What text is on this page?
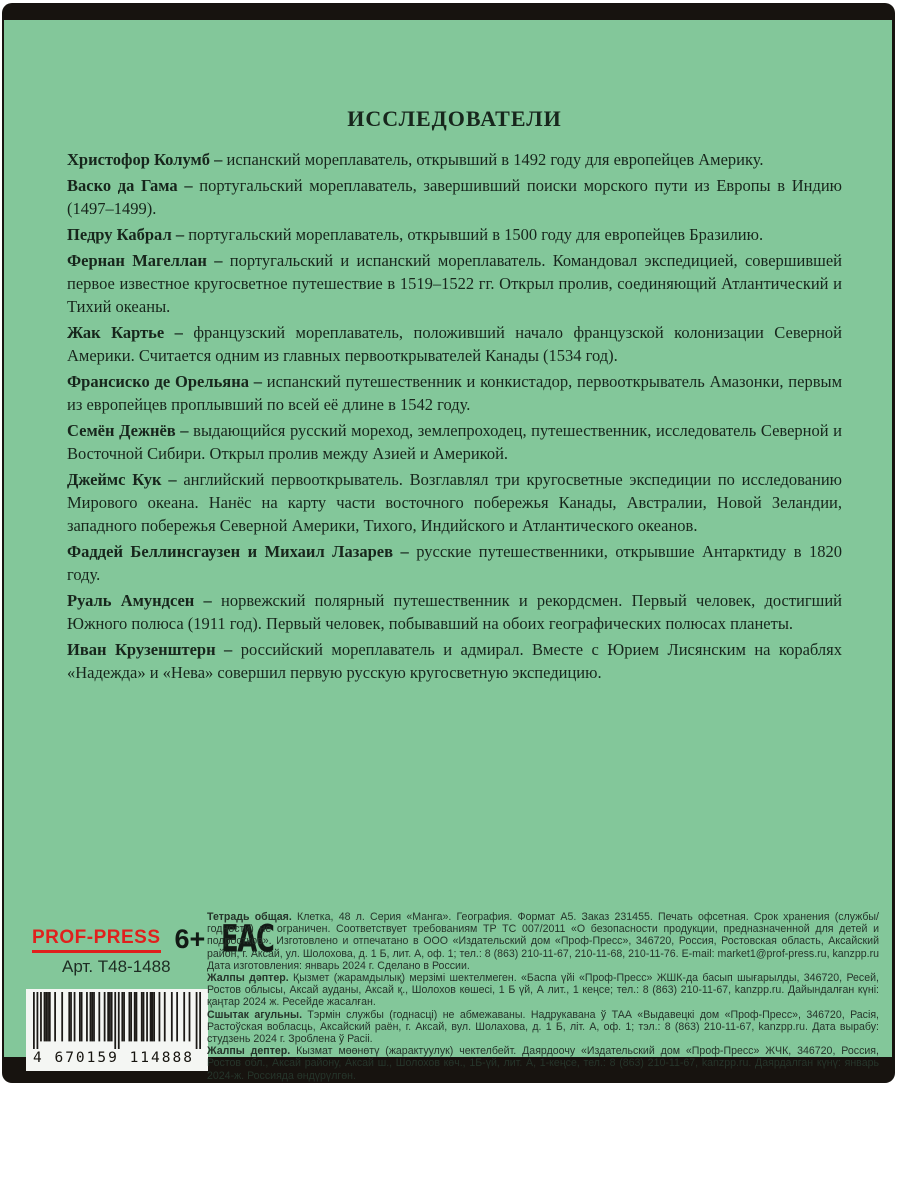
ИССЛЕДОВАТЕЛИ

Христофор Колумб – испанский мореплаватель, открывший в 1492 году для европейцев Америку.

Васко да Гама – португальский мореплаватель, завершивший поиски морского пути из Европы в Индию (1497–1499).

Педру Кабрал – португальский мореплаватель, открывший в 1500 году для европейцев Бразилию.

Фернан Магеллан – португальский и испанский мореплаватель. Командовал экспедицией, совершившей первое известное кругосветное путешествие в 1519–1522 гг. Открыл пролив, соединяющий Атлантический и Тихий океаны.

Жак Картье – французский мореплаватель, положивший начало французской колонизации Северной Америки. Считается одним из главных первооткрывателей Канады (1534 год).

Франсиско де Орельяна – испанский путешественник и конкистадор, первооткрыватель Амазонки, первым из европейцев проплывший по всей её длине в 1542 году.

Семён Дежнёв – выдающийся русский мореход, землепроходец, путешественник, исследователь Северной и Восточной Сибири. Открыл пролив между Азией и Америкой.

Джеймс Кук – английский первооткрыватель. Возглавлял три кругосветные экспедиции по исследованию Мирового океана. Нанёс на карту части восточного побережья Канады, Австралии, Новой Зеландии, западного побережья Северной Америки, Тихого, Индийского и Атлантического океанов.

Фаддей Беллинсгаузен и Михаил Лазарев – русские путешественники, открывшие Антарктиду в 1820 году.

Руаль Амундсен – норвежский полярный путешественник и рекордсмен. Первый человек, достигший Южного полюса (1911 год). Первый человек, побывавший на обоих географических полюсах планеты.

Иван Крузенштерн – российский мореплаватель и адмирал. Вместе с Юрием Лисянским на кораблях «Надежда» и «Нева» совершил первую русскую кругосветную экспедицию.

PROF-PRESS 6+ ЕАС
Арт. Т48-1488
4 670159 114888

Тетрадь общая. Клетка, 48 л. Серия «Манга». География. Формат А5. Заказ 231455. Печать офсетная. Срок хранения (службы/годности) не ограничен. Соответствует требованиям ТР ТС 007/2011 «О безопасности продукции, предназначенной для детей и подростков». Изготовлено и отпечатано в ООО «Издательский дом «Проф-Пресс», 346720, Россия, Ростовская область, Аксайский район, г. Аксай, ул. Шолохова, д. 1 Б, лит. А, оф. 1; тел.: 8 (863) 210-11-67, 210-11-68, 210-11-76. E-mail: market1@prof-press.ru, kanzpp.ru Дата изготовления: январь 2024 г. Сделано в России.

Жалпы дәптер. Қызмет (жарамдылық) мерзімі шектелмеген. «Баспа үйі «Проф-Пресс» ЖШК-да басып шығарылды, 346720, Ресей, Ростов облысы, Аксай ауданы, Аксай қ., Шолохов көшесі, 1 Б үй, А лит., 1 кеңсе; тел.: 8 (863) 210-11-67, kanzpp.ru. Дайындалған күні: қаңтар 2024 ж. Ресейде жасалған.

Сшытак агульны. Тэрмін службы (годнасці) не абмежаваны. Надрукавана ў ТАА «Выдавецкі дом «Проф-Пресс», 346720, Расія, Растоўская вобласць, Аксайский раён, г. Аксай, вул. Шолахова, д. 1 Б, літ. А, оф. 1; тэл.: 8 (863) 210-11-67, kanzpp.ru. Дата вырабу: студзень 2024 г. Зроблена ў Расіі.

Жалпы дептер. Кызмат мөөнөтү (жарактуулук) чектелбейт. Даярдоочу «Издательский дом «Проф-Пресс» ЖЧК, 346720, Россия, Ростов обл., Аксай району, Аксай ш., Шолохов көч., 1Б-үй, лит. А, 1-кеңсе, тел.: 8 (863) 210-11-67, kanzpp.ru. Даярдалган күнү: январь 2024-ж. Россияда өндүрүлгөн.
